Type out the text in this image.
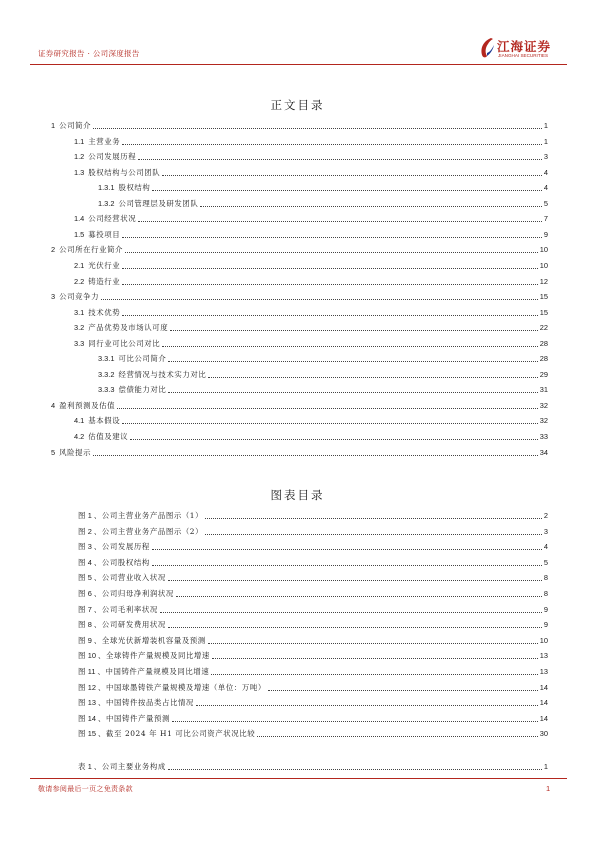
证券研究报告 · 公司深度报告	江海证券
JIANGHAI SECURITIES
正文目录
1 公司简介	1
1.1 主营业务	1
1.2 公司发展历程	3
1.3 股权结构与公司团队	4
1.3.1 股权结构	4
1.3.2 公司管理层及研发团队	5
1.4 公司经营状况	7
1.5 募投项目	9
2 公司所在行业简介	10
2.1 光伏行业	10
2.2 铸造行业	12
3 公司竞争力	15
3.1 技术优势	15
3.2 产品优势及市场认可度	22
3.3 同行业可比公司对比	28
3.3.1 可比公司简介	28
3.3.2 经营情况与技术实力对比	29
3.3.3 偿债能力对比	31
4 盈利预测及估值	32
4.1 基本假设	32
4.2 估值及建议	33
5 风险提示	34
图表目录
图 1 、公司主营业务产品图示（1）	2
图 2 、公司主营业务产品图示（2）	3
图 3 、公司发展历程	4
图 4 、公司股权结构	5
图 5 、公司营业收入状况	8
图 6 、公司归母净利润状况	8
图 7 、公司毛利率状况	9
图 8 、公司研发费用状况	9
图 9 、全球光伏新增装机容量及预测	10
图 10 、全球铸件产量规模及同比增速	13
图 11 、中国铸件产量规模及同比增速	13
图 12 、中国球墨铸铁产量规模及增速（单位：万吨）	14
图 13 、中国铸件按品类占比情况	14
图 14 、中国铸件产量预测	14
图 15 、截至 2024 年 H1 可比公司资产状况比较	30
表 1 、公司主要业务构成	1
敬请参阅最后一页之免责条款	1
